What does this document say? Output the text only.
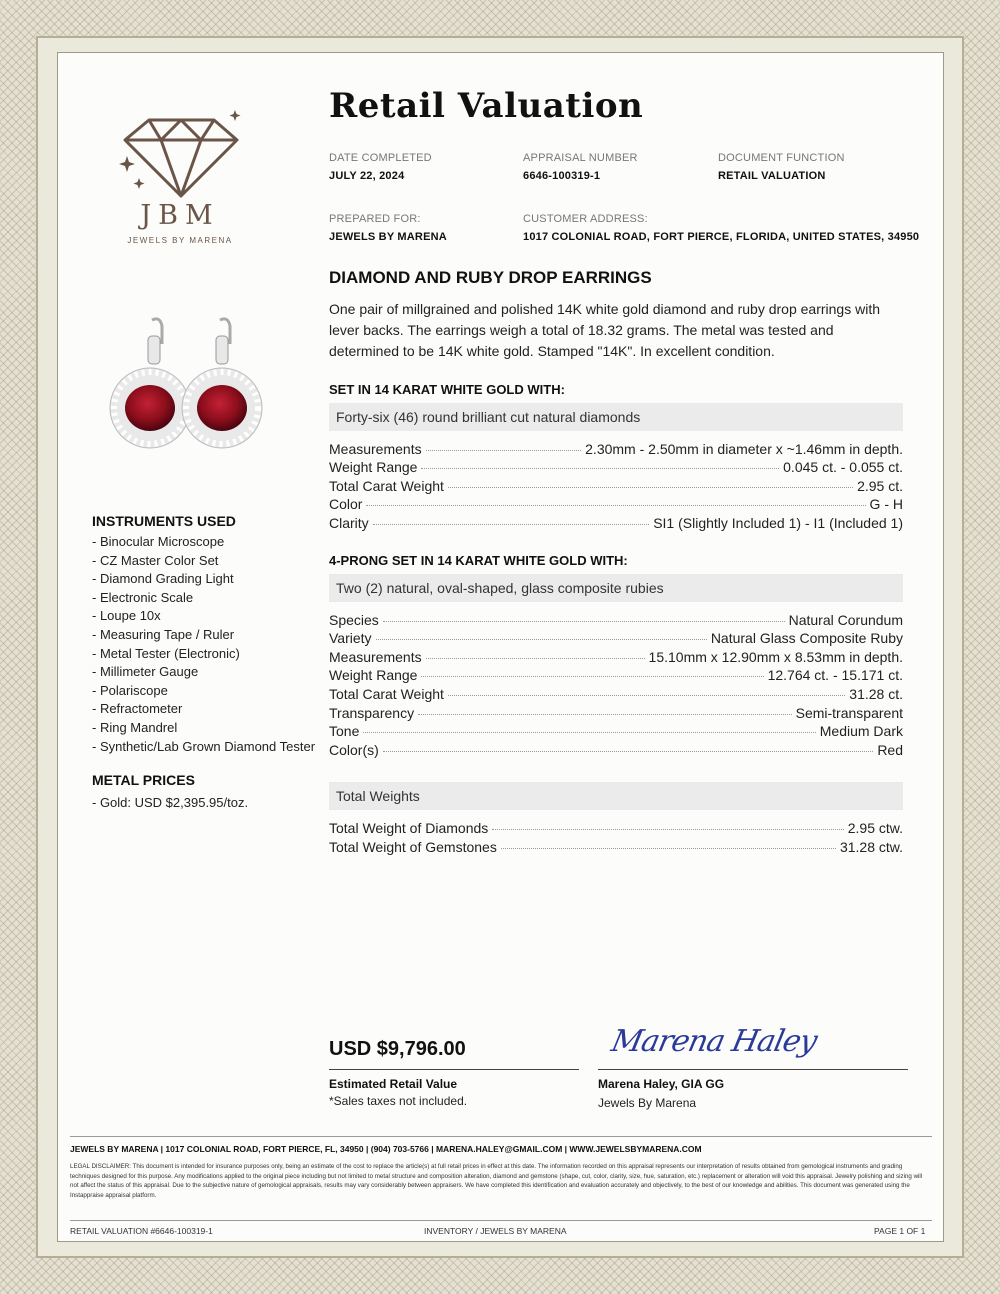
JBM
JEWELS BY MARENA
Retail Valuation
DATE COMPLETED
JULY 22, 2024
APPRAISAL NUMBER
6646-100319-1
DOCUMENT FUNCTION
RETAIL VALUATION
PREPARED FOR:
JEWELS BY MARENA
CUSTOMER ADDRESS:
1017 COLONIAL ROAD, FORT PIERCE, FLORIDA, UNITED STATES, 34950
DIAMOND AND RUBY DROP EARRINGS
One pair of millgrained and polished 14K white gold diamond and ruby drop earrings with lever backs. The earrings weigh a total of 18.32 grams. The metal was tested and determined to be 14K white gold. Stamped "14K". In excellent condition.
SET IN 14 KARAT WHITE GOLD WITH:
Forty-six (46) round brilliant cut natural diamonds
Measurements	2.30mm - 2.50mm in diameter x ~1.46mm in depth.
Weight Range	0.045 ct. - 0.055 ct.
Total Carat Weight	2.95 ct.
Color	G - H
Clarity	SI1 (Slightly Included 1) - I1 (Included 1)
4-PRONG SET IN 14 KARAT WHITE GOLD WITH:
Two (2) natural, oval-shaped, glass composite rubies
Species	Natural Corundum
Variety	Natural Glass Composite Ruby
Measurements	15.10mm x 12.90mm x 8.53mm in depth.
Weight Range	12.764 ct. - 15.171 ct.
Total Carat Weight	31.28 ct.
Transparency	Semi-transparent
Tone	Medium Dark
Color(s)	Red
Total Weights
Total Weight of Diamonds	2.95 ctw.
Total Weight of Gemstones	31.28 ctw.
INSTRUMENTS USED
- Binocular Microscope
- CZ Master Color Set
- Diamond Grading Light
- Electronic Scale
- Loupe 10x
- Measuring Tape / Ruler
- Metal Tester (Electronic)
- Millimeter Gauge
- Polariscope
- Refractometer
- Ring Mandrel
- Synthetic/Lab Grown Diamond Tester
METAL PRICES
- Gold: USD $2,395.95/toz.
USD $9,796.00
Estimated Retail Value
*Sales taxes not included.
Marena Haley
Marena Haley, GIA GG
Jewels By Marena
JEWELS BY MARENA | 1017 COLONIAL ROAD, FORT PIERCE, FL, 34950 | (904) 703-5766 | MARENA.HALEY@GMAIL.COM | WWW.JEWELSBYMARENA.COM
LEGAL DISCLAIMER: This document is intended for insurance purposes only, being an estimate of the cost to replace the article(s) at full retail prices in effect at this date. The information recorded on this appraisal represents our interpretation of results obtained from gemological instruments and grading techniques designed for this purpose. Any modifications applied to the original piece including but not limited to metal structure and composition alteration, diamond and gemstone (shape, cut, color, clarity, size, hue, saturation, etc.) replacement or alteration will void this appraisal. Jewelry polishing and sizing will not affect the status of this appraisal. Due to the subjective nature of gemological appraisals, results may vary considerably between appraisers. We have completed this identification and evaluation accurately and objectively, to the best of our knowledge and abilities. This document was generated using the Instappraise appraisal platform.
RETAIL VALUATION #6646-100319-1	INVENTORY / JEWELS BY MARENA	PAGE 1 OF 1
